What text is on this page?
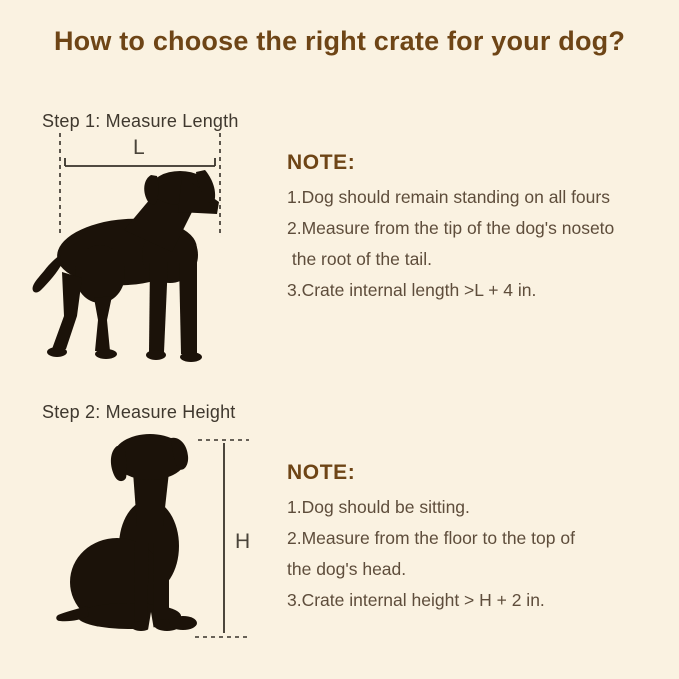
How to choose the right crate for your dog?
Step 1: Measure Length
L
NOTE:
1.Dog should remain standing on all fours
2.Measure from the tip of the dog's noseto
the root of the tail.
3.Crate internal length >L + 4 in.
Step 2: Measure Height
H
NOTE:
1.Dog should be sitting.
2.Measure from the floor to the top of
the dog's head.
3.Crate internal height > H + 2 in.
